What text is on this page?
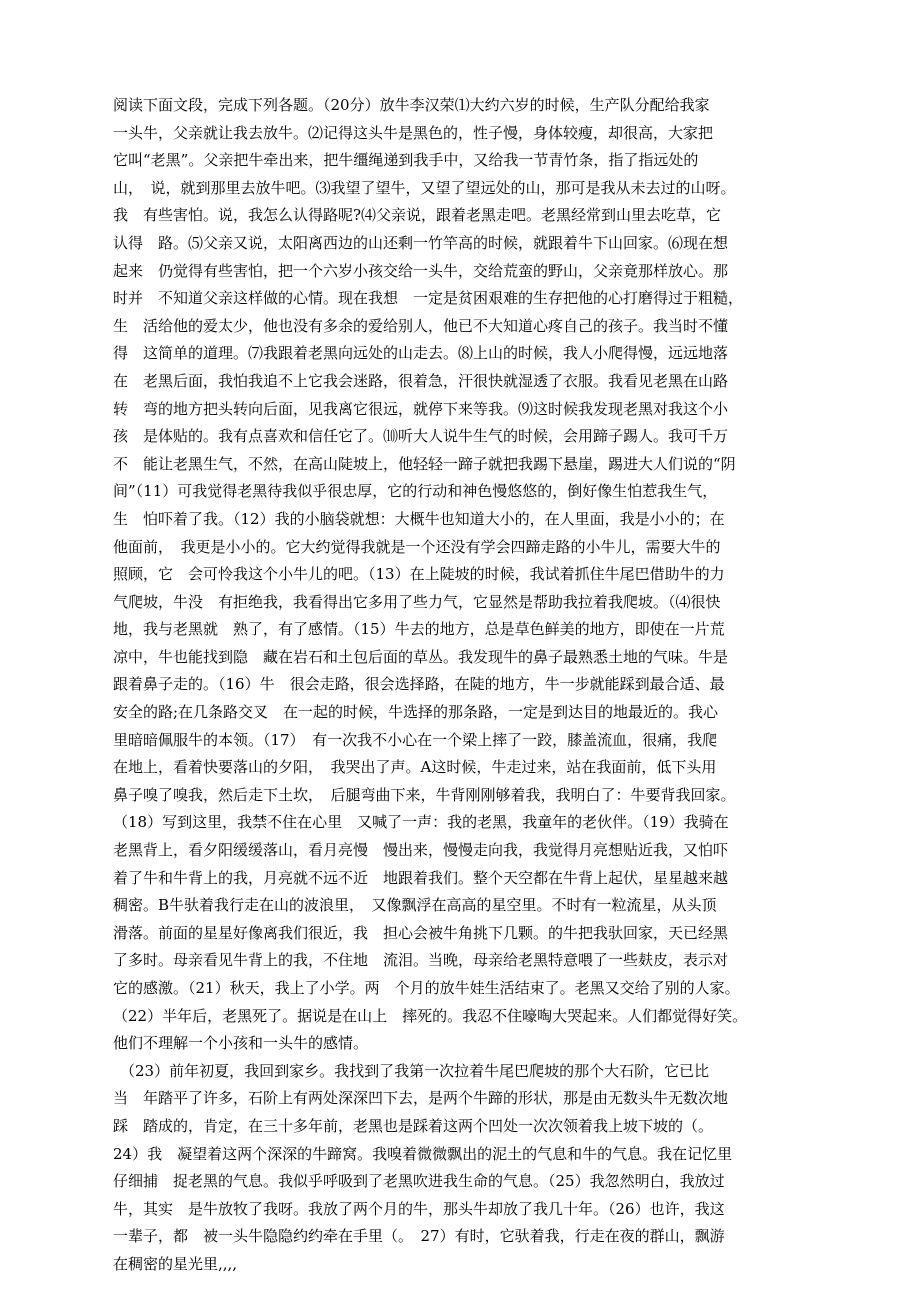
阅读下面文段，完成下列各题。（20分）放牛李汉荣⑴大约六岁的时候，生产队分配给我家
一头牛，父亲就让我去放牛。⑵记得这头牛是黑色的，性子慢，身体较瘦，却很高，大家把
它叫“老黑”。父亲把牛牵出来，把牛缰绳递到我手中，又给我一节青竹条，指了指远处的
山，　说，就到那里去放牛吧。⑶我望了望牛，又望了望远处的山，那可是我从未去过的山呀。
我　有些害怕。说，我怎么认得路呢?⑷父亲说，跟着老黑走吧。老黑经常到山里去吃草，它
认得　路。⑸父亲又说，太阳离西边的山还剩一竹竿高的时候，就跟着牛下山回家。⑹现在想
起来　仍觉得有些害怕，把一个六岁小孩交给一头牛，交给荒蛮的野山，父亲竟那样放心。那
时并　不知道父亲这样做的心情。现在我想　一定是贫困艰难的生存把他的心打磨得过于粗糙，
生　活给他的爱太少，他也没有多余的爱给别人，他已不大知道心疼自己的孩子。我当时不懂
得　这简单的道理。⑺我跟着老黑向远处的山走去。⑻上山的时候，我人小爬得慢，远远地落
在　老黑后面，我怕我追不上它我会迷路，很着急，汗很快就湿透了衣服。我看见老黑在山路
转　弯的地方把头转向后面，见我离它很远，就停下来等我。⑼这时候我发现老黑对我这个小
孩　是体贴的。我有点喜欢和信任它了。⑽听大人说牛生气的时候，会用蹄子踢人。我可千万
不　能让老黑生气，不然，在高山陡坡上，他轻轻一蹄子就把我踢下悬崖，踢进大人们说的“阴
间”（11）可我觉得老黑待我似乎很忠厚，它的行动和神色慢悠悠的，倒好像生怕惹我生气，
生　怕吓着了我。（12）我的小脑袋就想：大概牛也知道大小的，在人里面，我是小小的；在
他面前，　我更是小小的。它大约觉得我就是一个还没有学会四蹄走路的小牛儿，需要大牛的
照顾，它　会可怜我这个小牛儿的吧。（13）在上陡坡的时候，我试着抓住牛尾巴借助牛的力
气爬坡，牛没　有拒绝我，我看得出它多用了些力气，它显然是帮助我拉着我爬坡。（⑷很快
地，我与老黑就　熟了，有了感情。（15）牛去的地方，总是草色鲜美的地方，即使在一片荒
凉中，牛也能找到隐　藏在岩石和土包后面的草丛。我发现牛的鼻子最熟悉土地的气味。牛是
跟着鼻子走的。（16）牛　很会走路，很会选择路，在陡的地方，牛一步就能踩到最合适、最
安全的路;在几条路交叉　在一起的时候，牛选择的那条路，一定是到达目的地最近的。我心
里暗暗佩服牛的本领。（17）　有一次我不小心在一个梁上摔了一跤，膝盖流血，很痛，我爬
在地上，看着快要落山的夕阳，　我哭出了声。A这时候，牛走过来，站在我面前，低下头用
鼻子嗅了嗅我，然后走下土坎，　后腿弯曲下来，牛背刚刚够着我，我明白了：牛要背我回家。
（18）写到这里，我禁不住在心里　又喊了一声：我的老黑，我童年的老伙伴。（19）我骑在
老黑背上，看夕阳缓缓落山，看月亮慢　慢出来，慢慢走向我，我觉得月亮想贴近我，又怕吓
着了牛和牛背上的我，月亮就不远不近　地跟着我们。整个天空都在牛背上起伏，星星越来越
稠密。B牛驮着我行走在山的波浪里，　又像飘浮在高高的星空里。不时有一粒流星，从头顶
滑落。前面的星星好像离我们很近，我　担心会被牛角挑下几颗。的牛把我驮回家，天已经黑
了多时。母亲看见牛背上的我，不住地　流泪。当晚，母亲给老黑特意喂了一些麸皮，表示对
它的感激。（21）秋天，我上了小学。两　个月的放牛娃生活结束了。老黑又交给了别的人家。
（22）半年后，老黑死了。据说是在山上　摔死的。我忍不住嚎啕大哭起来。人们都觉得好笑。
他们不理解一个小孩和一头牛的感情。
（23）前年初夏，我回到家乡。我找到了我第一次拉着牛尾巴爬坡的那个大石阶，它已比
当　年踏平了许多，石阶上有两处深深凹下去，是两个牛蹄的形状，那是由无数头牛无数次地
踩　踏成的，肯定，在三十多年前，老黑也是踩着这两个凹处一次次领着我上坡下坡的（。
24）我　凝望着这两个深深的牛蹄窝。我嗅着微微飘出的泥土的气息和牛的气息。我在记忆里
仔细捕　捉老黑的气息。我似乎呼吸到了老黑吹进我生命的气息。（25）我忽然明白，我放过
牛，其实　是牛放牧了我呀。我放了两个月的牛，那头牛却放了我几十年。（26）也许，我这
一辈子，都　被一头牛隐隐约约牵在手里（。　27）有时，它驮着我，行走在夜的群山，飘游
在稠密的星光里,,,,
